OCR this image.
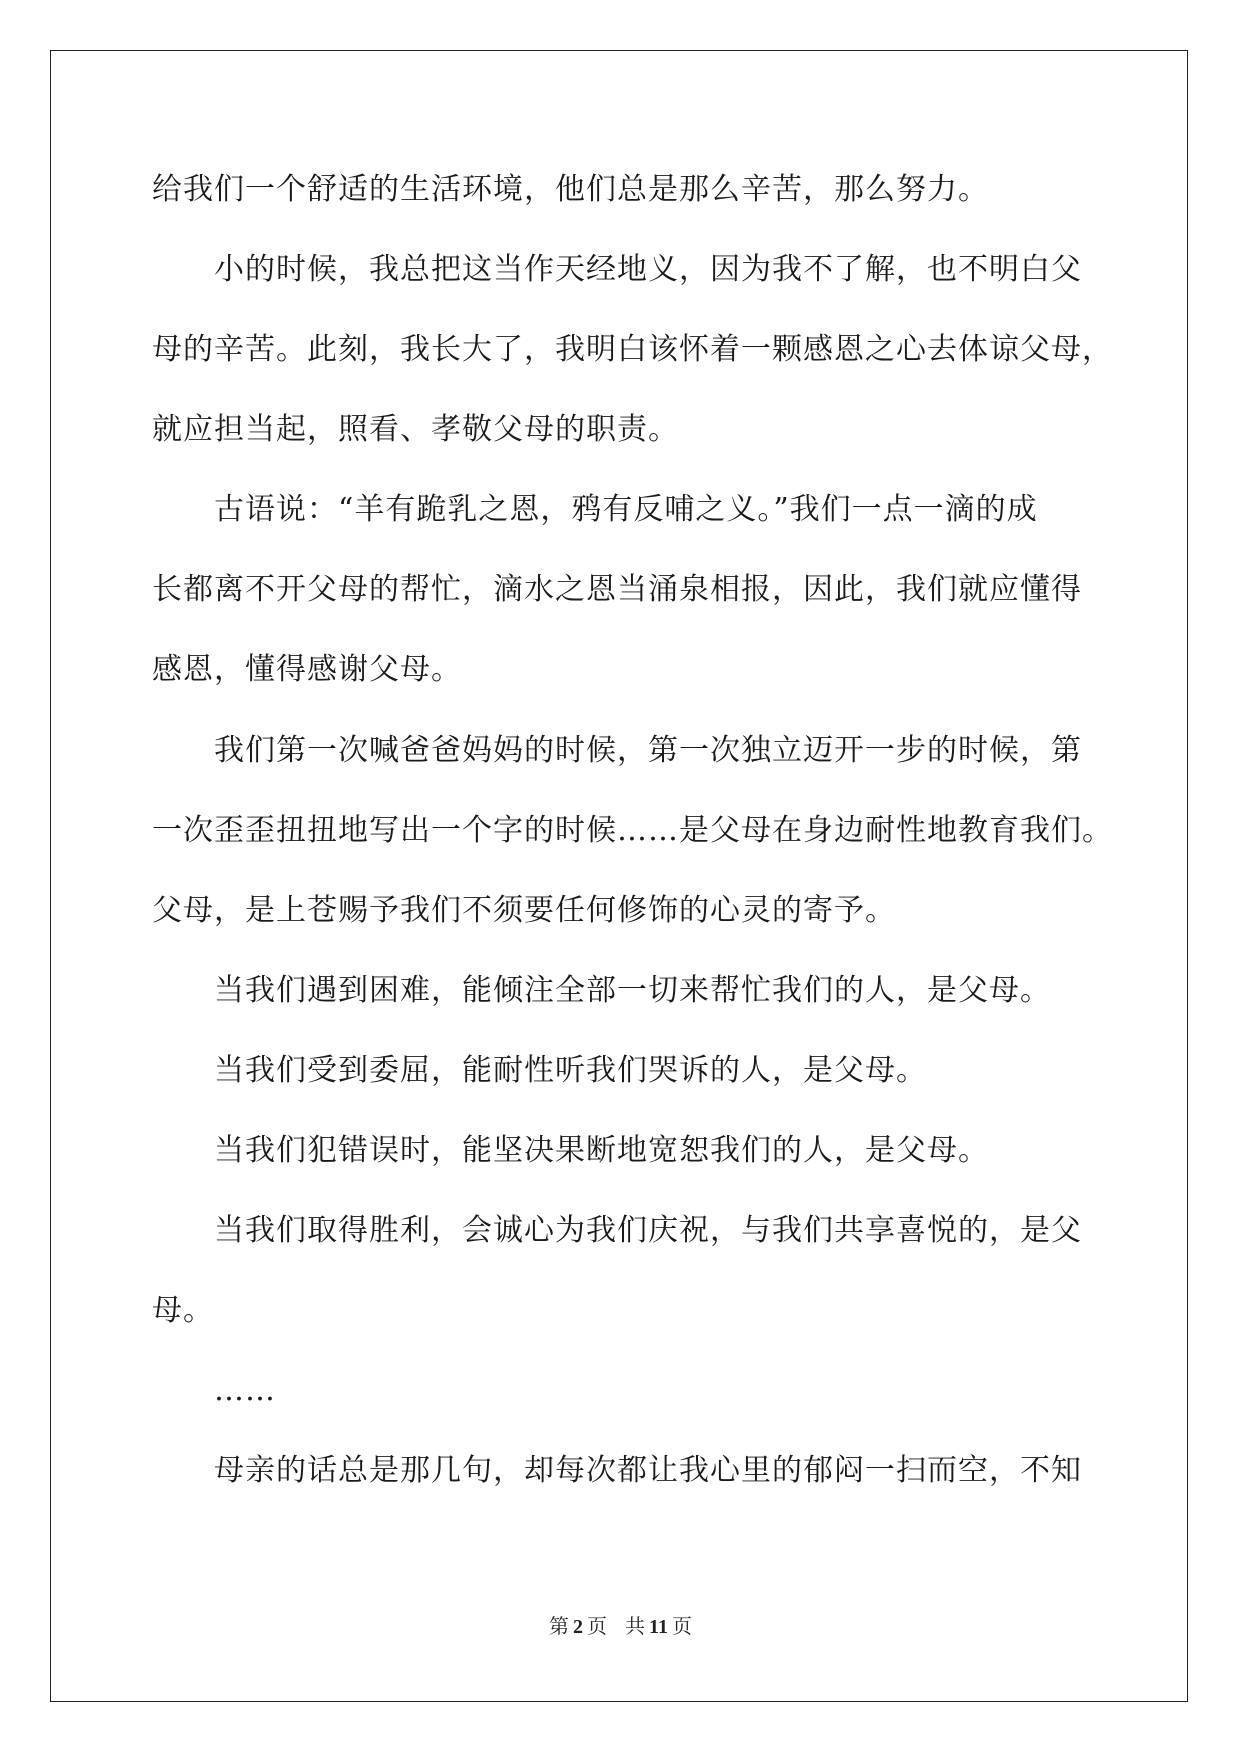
给我们一个舒适的生活环境，他们总是那么辛苦，那么努力。
小的时候，我总把这当作天经地义，因为我不了解，也不明白父
母的辛苦。此刻，我长大了，我明白该怀着一颗感恩之心去体谅父母，
就应担当起，照看、孝敬父母的职责。
古语说：“羊有跪乳之恩，鸦有反哺之义。”我们一点一滴的成
长都离不开父母的帮忙，滴水之恩当涌泉相报，因此，我们就应懂得
感恩，懂得感谢父母。
我们第一次喊爸爸妈妈的时候，第一次独立迈开一步的时候，第
一次歪歪扭扭地写出一个字的时候……是父母在身边耐性地教育我们。
父母，是上苍赐予我们不须要任何修饰的心灵的寄予。
当我们遇到困难，能倾注全部一切来帮忙我们的人，是父母。
当我们受到委屈，能耐性听我们哭诉的人，是父母。
当我们犯错误时，能坚决果断地宽恕我们的人，是父母。
当我们取得胜利，会诚心为我们庆祝，与我们共享喜悦的，是父
母。
……
母亲的话总是那几句，却每次都让我心里的郁闷一扫而空，不知
第 2 页 共 11 页
